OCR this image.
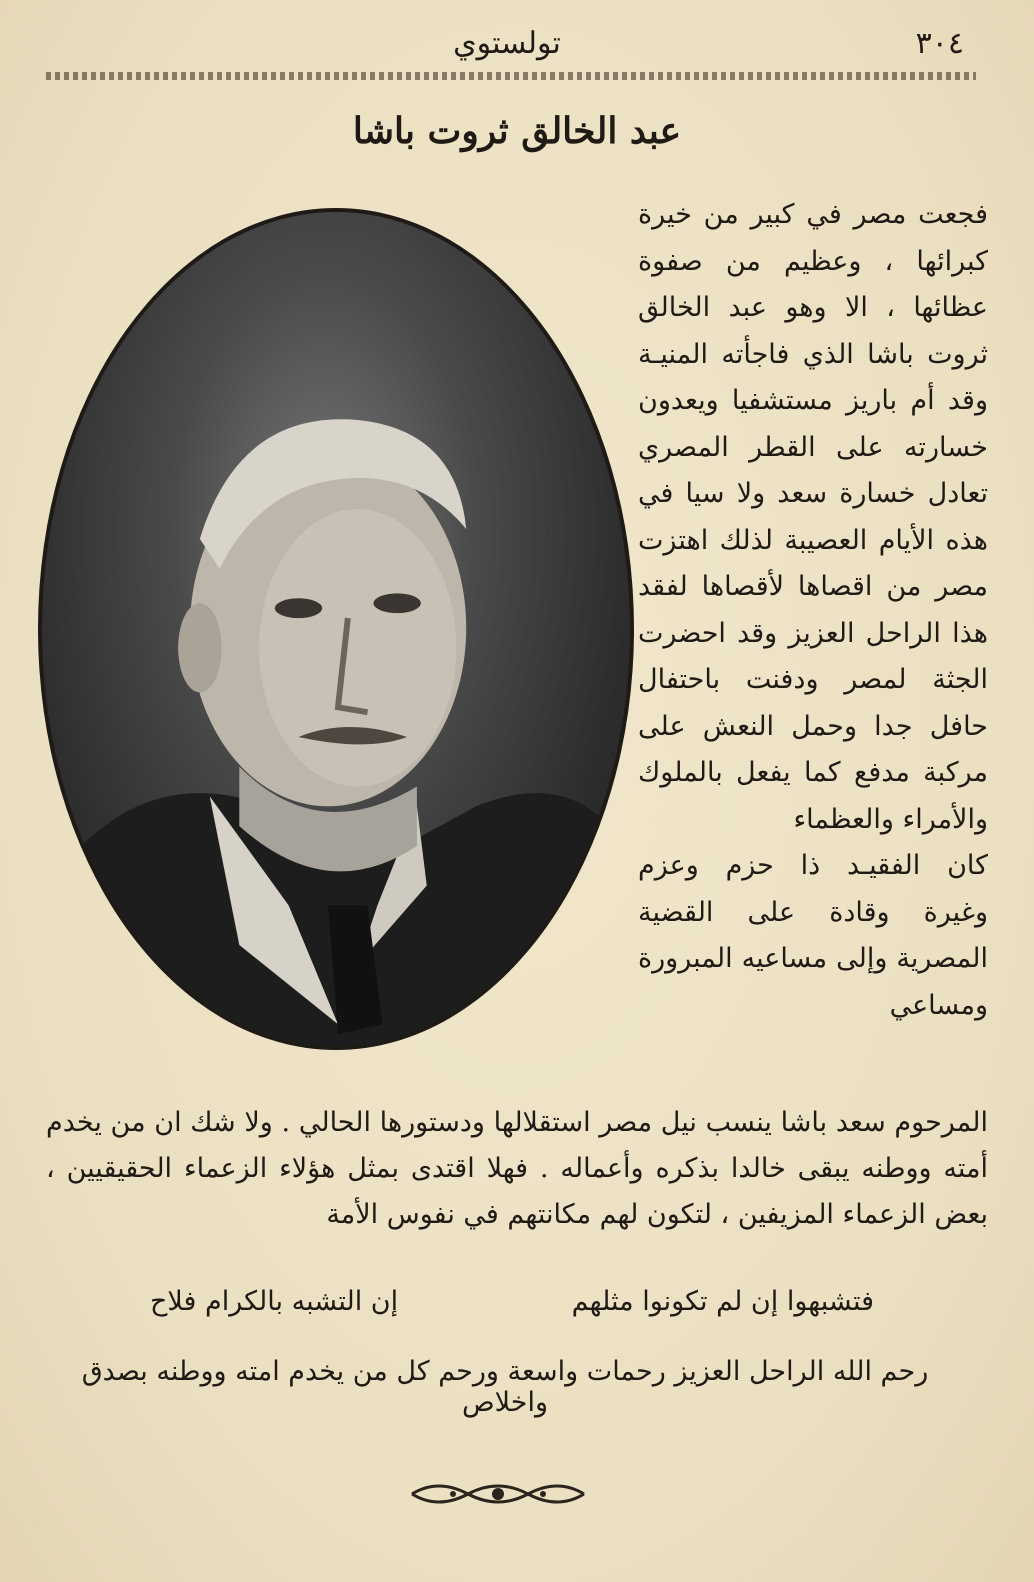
٣٠٤
تولستوي
عبد الخالق ثروت باشا

فجعت مصر في كبير من خيرة كبرائها ، وعظيم من صفوة عظائها ، الا وهو عبد الخالق ثروت باشا الذي فاجأته المنيـة وقد أم باريز مستشفيا ويعدون خسارته على القطر المصري تعادل خسارة سعد ولا سيا في هذه الأيام العصيبة لذلك اهتزت مصر من اقصاها لأقصاها لفقد هذا الراحل العزيز وقد احضرت الجثة لمصر ودفنت باحتفال حافل جدا وحمل النعش على مركبة مدفع كما يفعل بالملوك والأمراء والعظماء

كان الفقيـد ذا حزم وعزم وغيرة وقادة على القضية المصرية وإلى مساعيه المبرورة ومساعي

المرحوم سعد باشا ينسب نيل مصر استقلالها ودستورها الحالي . ولا شك ان من يخدم أمته ووطنه يبقى خالدا بذكره وأعماله . فهلا اقتدى بمثل هؤلاء الزعماء الحقيقيين ، بعض الزعماء المزيفين ، لتكون لهم مكانتهم في نفوس الأمة

فتشبهوا إن لم تكونوا مثلهم
إن التشبه بالكرام فلاح
رحم الله الراحل العزيز رحمات واسعة ورحم كل من يخدم امته ووطنه بصدق واخلاص
